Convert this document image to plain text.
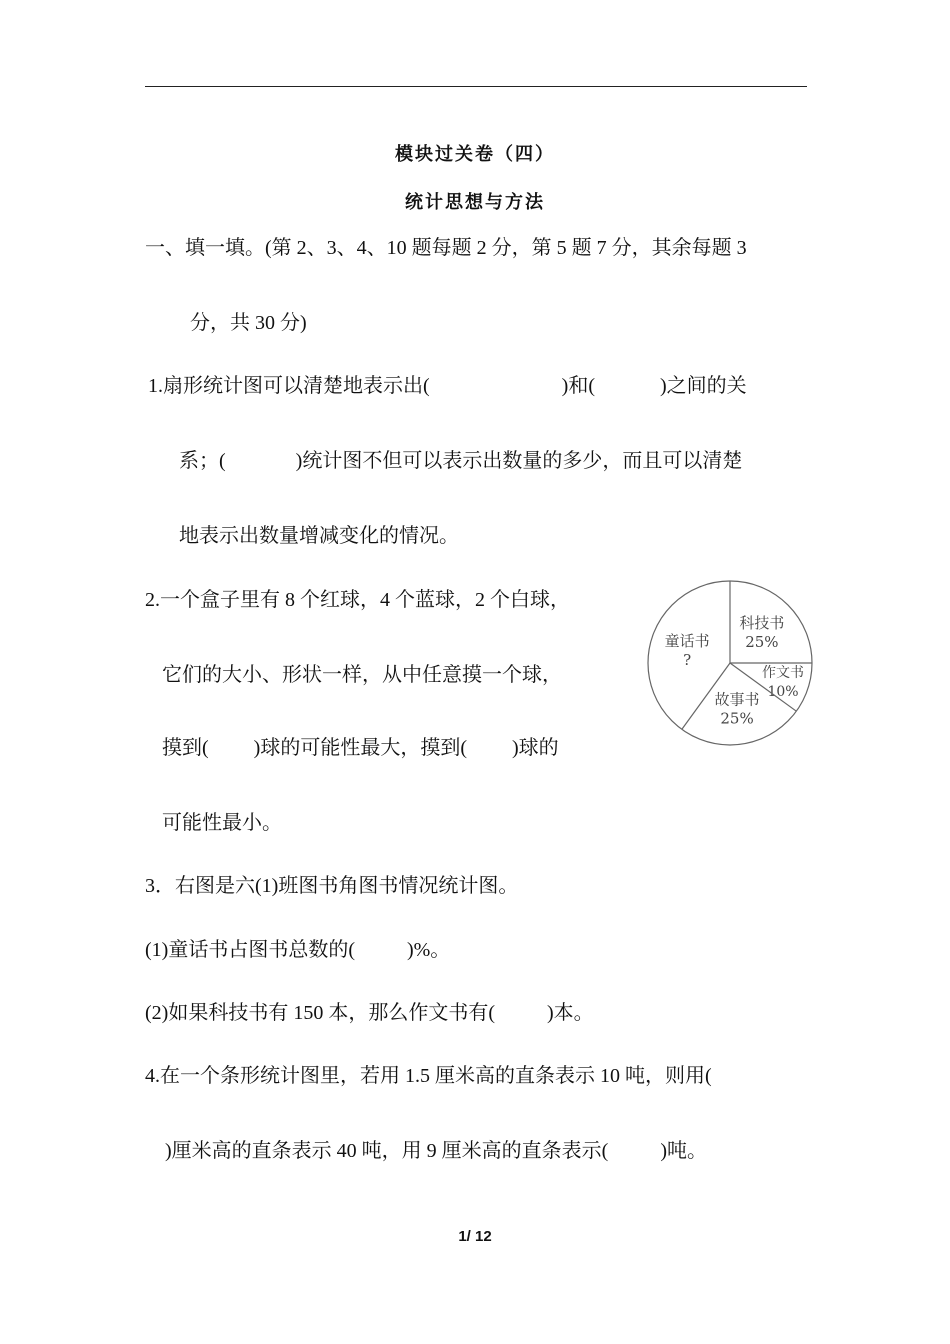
模块过关卷（四）
统计思想与方法
一、填一填。(第 2、3、4、10 题每题 2 分，第 5 题 7 分，其余每题 3
分，共 30 分)
1.扇形统计图可以清楚地表示出(	)和(	)之间的关
系；(	)统计图不但可以表示出数量的多少，而且可以清楚
地表示出数量增减变化的情况。
2.一个盒子里有 8 个红球，4 个蓝球，2 个白球，
它们的大小、形状一样，从中任意摸一个球，
摸到( )球的可能性最大，摸到( )球的
可能性最小。
科技书
25%
作文书
10%
故事书
25%
童话书
?
3．右图是六(1)班图书角图书情况统计图。
(1)童话书占图书总数的(	)%。
(2)如果科技书有 150 本，那么作文书有(	)本。
4.在一个条形统计图里，若用 1.5 厘米高的直条表示 10 吨，则用(
)厘米高的直条表示 40 吨，用 9 厘米高的直条表示(	)吨。
1/ 12
